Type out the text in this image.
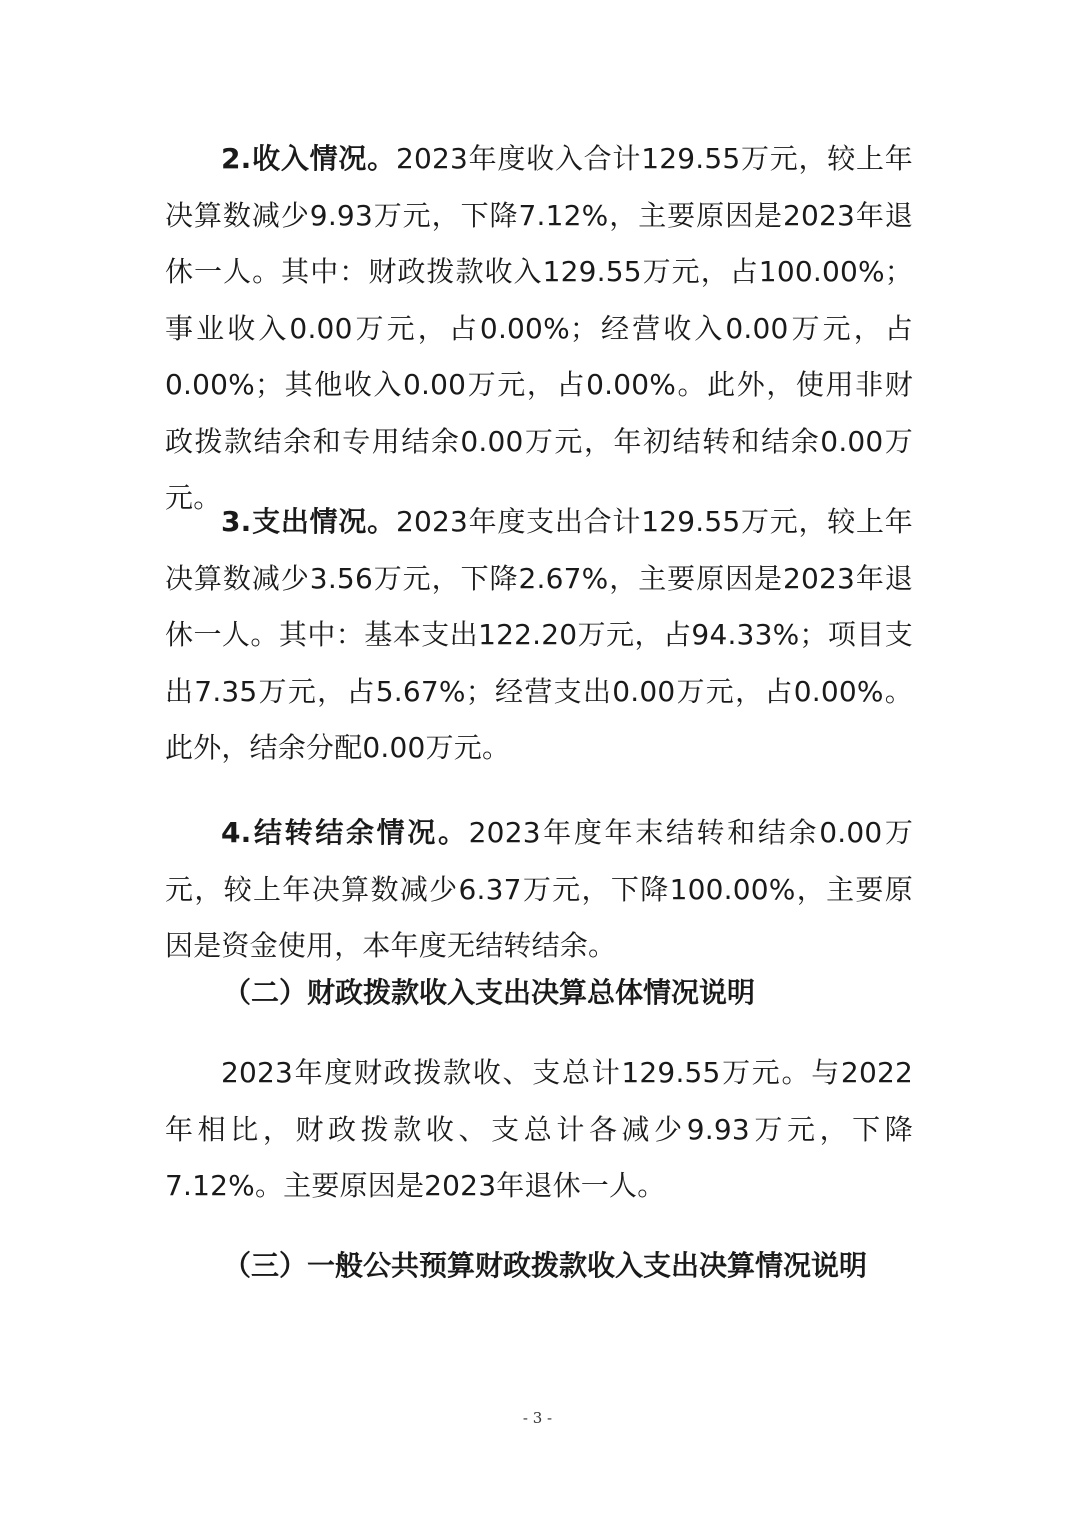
2.收入情况。2023年度收入合计129.55万元，较上年决算数减少9.93万元，下降7.12%，主要原因是2023年退休一人。其中：财政拨款收入129.55万元，占100.00%；事业收入0.00万元，占0.00%；经营收入0.00万元，占0.00%；其他收入0.00万元，占0.00%。此外，使用非财政拨款结余和专用结余0.00万元，年初结转和结余0.00万元。

3.支出情况。2023年度支出合计129.55万元，较上年决算数减少3.56万元，下降2.67%，主要原因是2023年退休一人。其中：基本支出122.20万元，占94.33%；项目支出7.35万元，占5.67%；经营支出0.00万元，占0.00%。此外，结余分配0.00万元。

4.结转结余情况。2023年度年末结转和结余0.00万元，较上年决算数减少6.37万元，下降100.00%，主要原因是资金使用，本年度无结转结余。

（二）财政拨款收入支出决算总体情况说明

2023年度财政拨款收、支总计129.55万元。与2022年相比，财政拨款收、支总计各减少9.93万元，下降7.12%。主要原因是2023年退休一人。

（三）一般公共预算财政拨款收入支出决算情况说明
- 3 -
